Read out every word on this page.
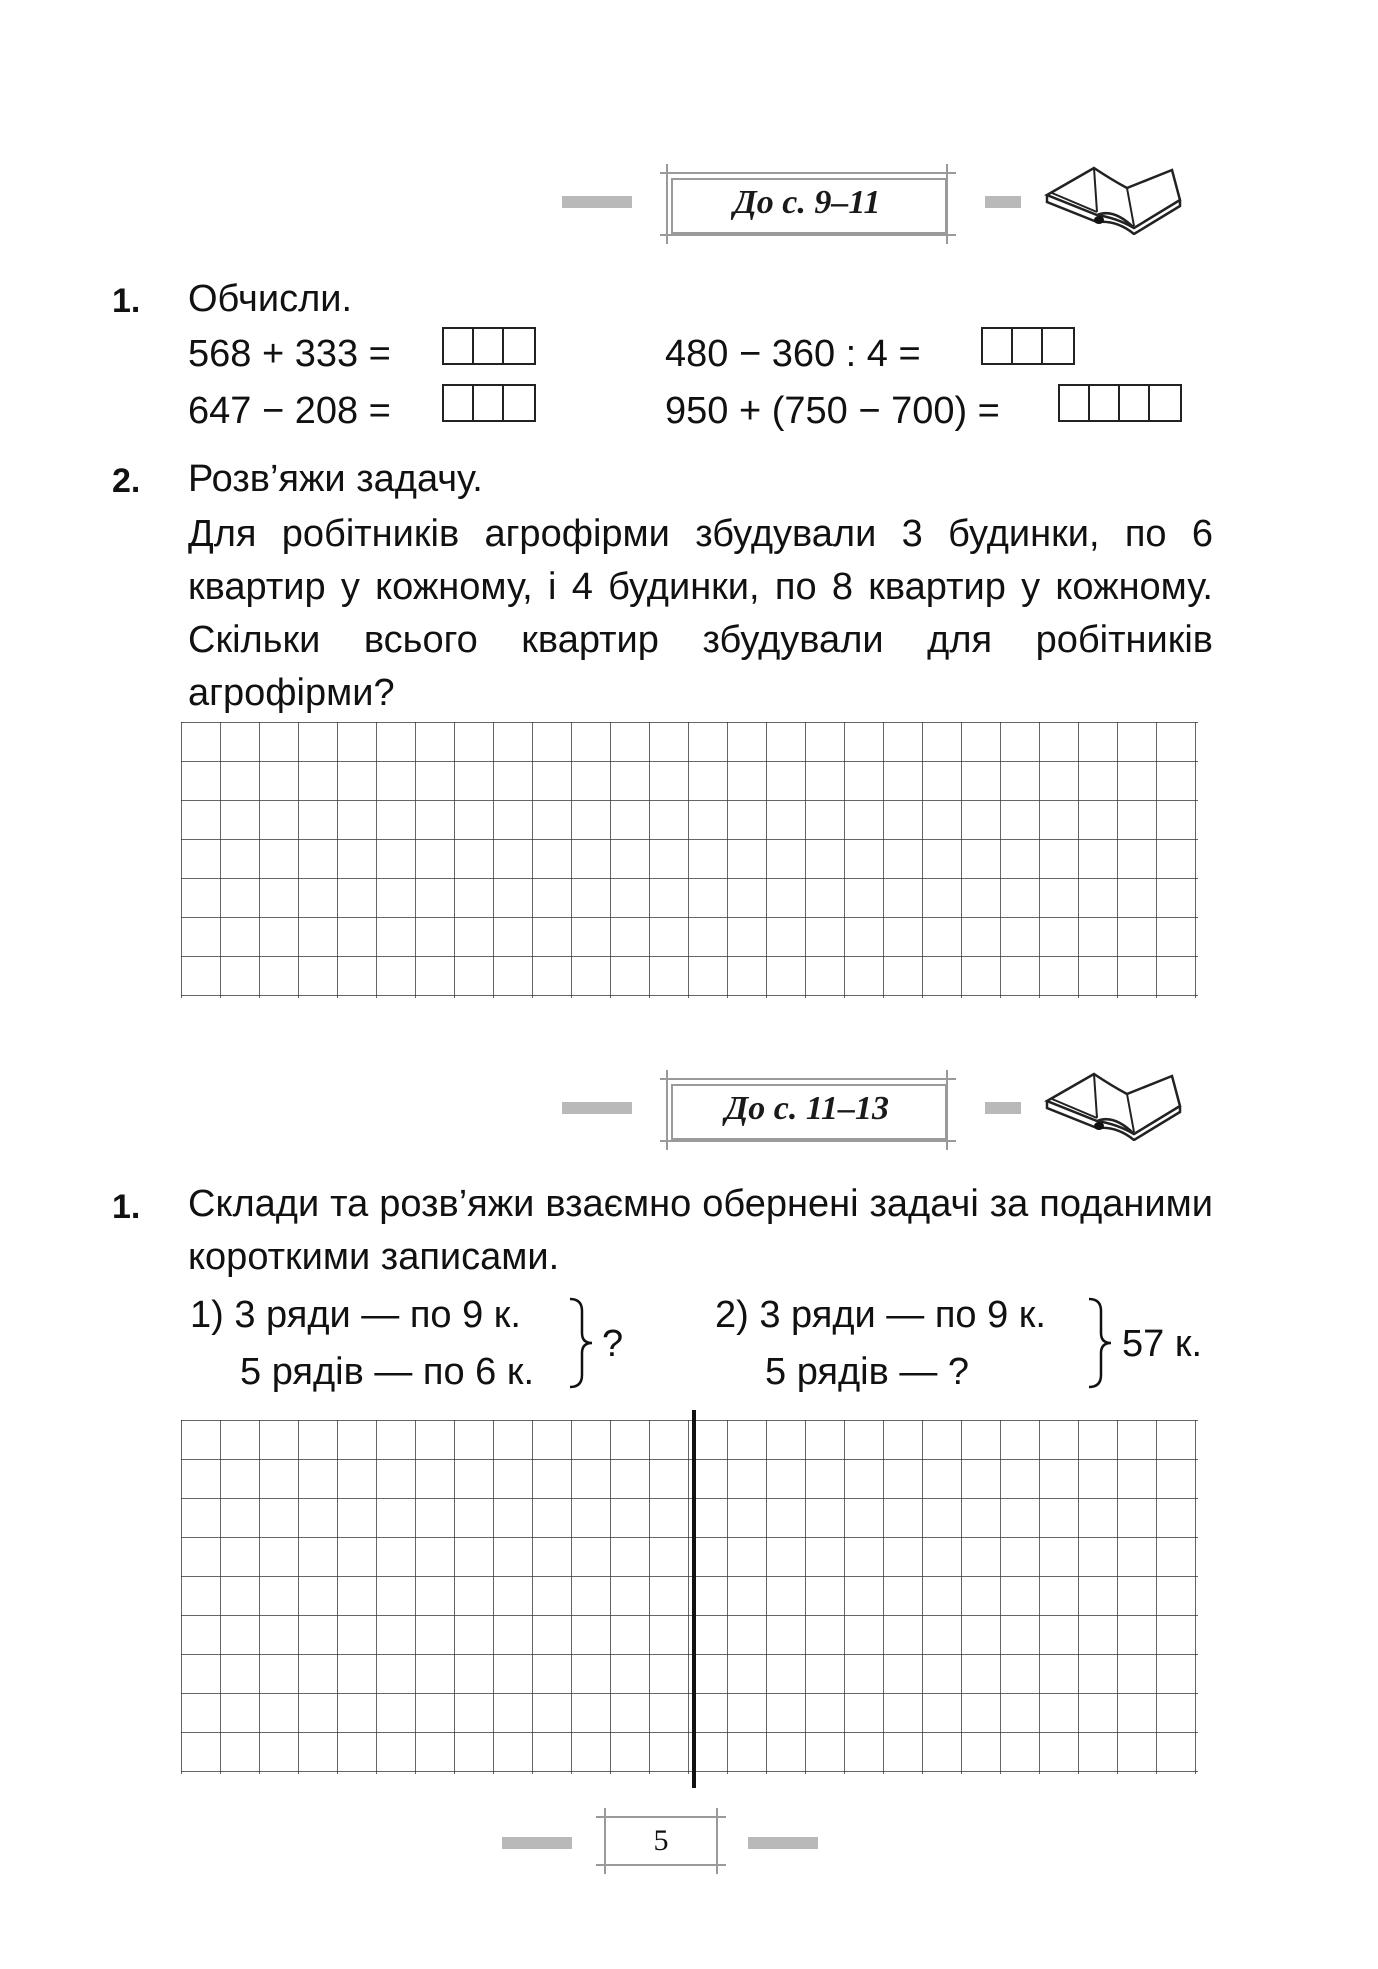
До с. 9–11
1. Обчисли.
568 + 333 =	480 − 360 : 4 =
647 − 208 =	950 + (750 − 700) =
2. Розв’яжи задачу.
Для робітників агрофірми збудували 3 будинки, по 6 квартир у кожному, і 4 будинки, по 8 квартир у кожному. Скільки всього квартир збудували для робітників агрофірми?
До с. 11–13
1. Склади та розв’яжи взаємно обернені задачі за поданими короткими записами.
1) 3 ряди — по 9 к.
5 рядів — по 6 к.
?
2) 3 ряди — по 9 к.
5 рядів — ?
57 к.
5
